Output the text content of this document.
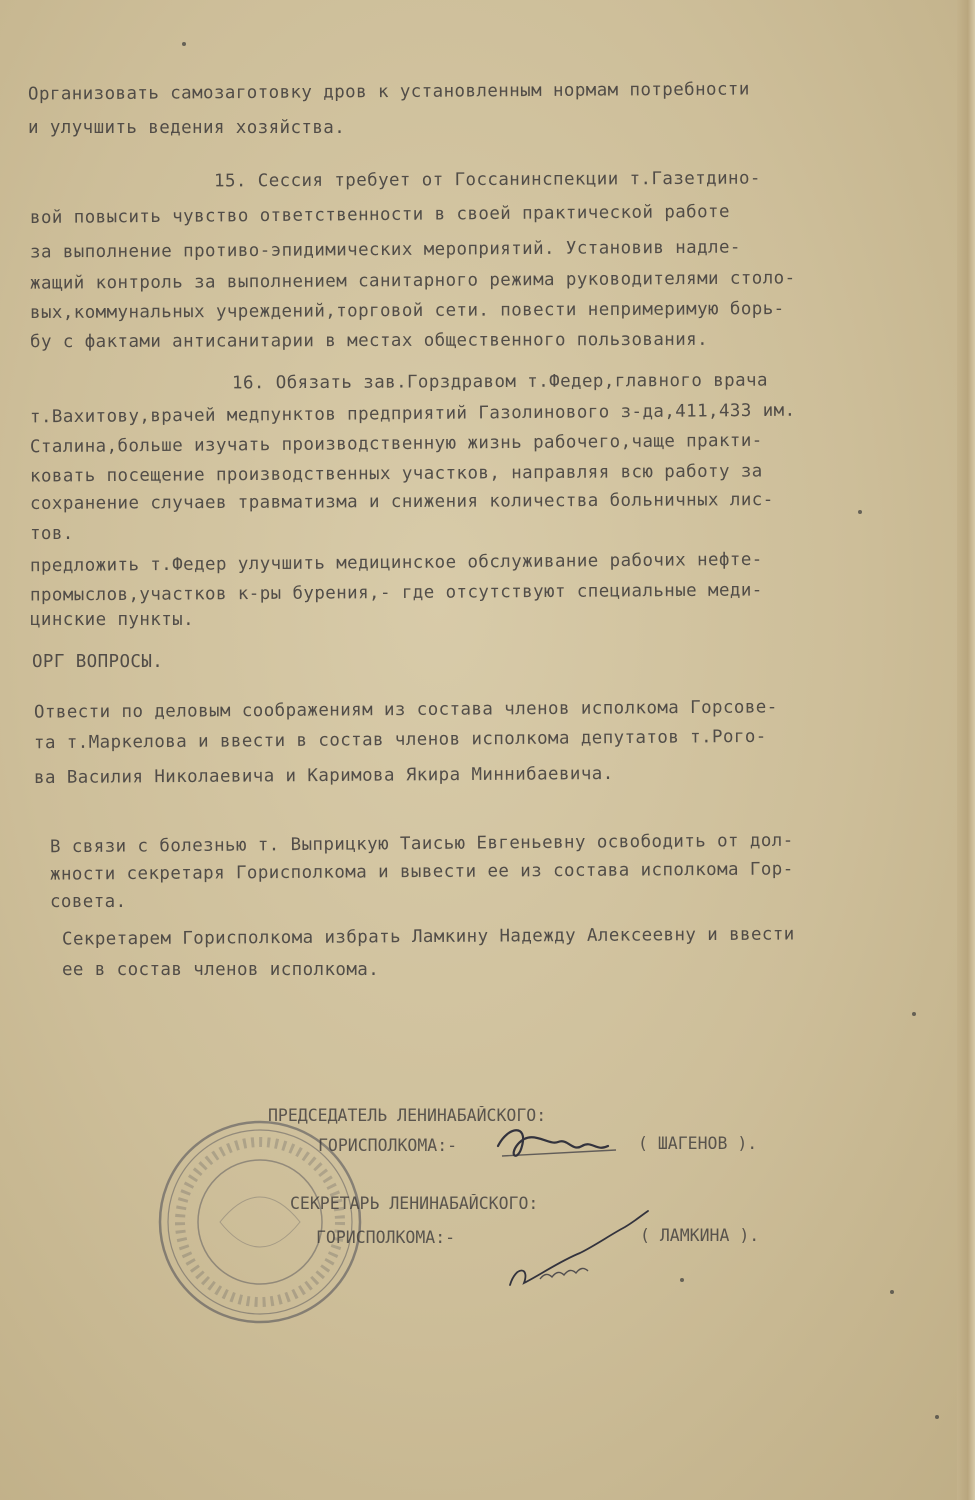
Организовать самозаготовку дров к установленным нормам потребности
и улучшить ведения хозяйства.
15. Сессия требует от Госсанинспекции т.Газетдино-
вой повысить чувство ответственности в своей практической работе
за выполнение противо-эпидимических мероприятий. Установив надле-
жащий контроль за выполнением санитарного режима руководителями столо-
вых,коммунальных учреждений,торговой сети. повести непримеримую борь-
бу с фактами антисанитарии в местах общественного пользования.
16. Обязать зав.Горздравом т.Федер,главного врача
т.Вахитову,врачей медпунктов предприятий Газолинового з-да,411,433 им.
Сталина,больше изучать производственную жизнь рабочего,чаще практи-
ковать посещение производственных участков, направляя всю работу за
сохранение случаев травматизма и снижения количества больничных лис-
тов.
предложить т.Федер улучшить медицинское обслуживание рабочих нефте-
промыслов,участков к-ры бурения,- где отсутствуют специальные меди-
цинские пункты.
ОРГ ВОПРОСЫ.
Отвести по деловым соображениям из состава членов исполкома Горсове-
та т.Маркелова и ввести в состав членов исполкома депутатов т.Рого-
ва Василия Николаевича и Каримова Якира Миннибаевича.
В связи с болезнью т. Выприцкую Таисью Евгеньевну освободить от дол-
жности секретаря Горисполкома и вывести ее из состава исполкома Гор-
совета.
Секретарем Горисполкома избрать Ламкину Надежду Алексеевну и ввести
ее в состав членов исполкома.
ПРЕДСЕДАТЕЛЬ ЛЕНИНАБАЙСКОГО:
ГОРИСПОЛКОМА:-	( ШАГЕНОВ ).
СЕКРЕТАРЬ ЛЕНИНАБАЙСКОГО:
ГОРИСПОЛКОМА:-	( ЛАМКИНА ).
